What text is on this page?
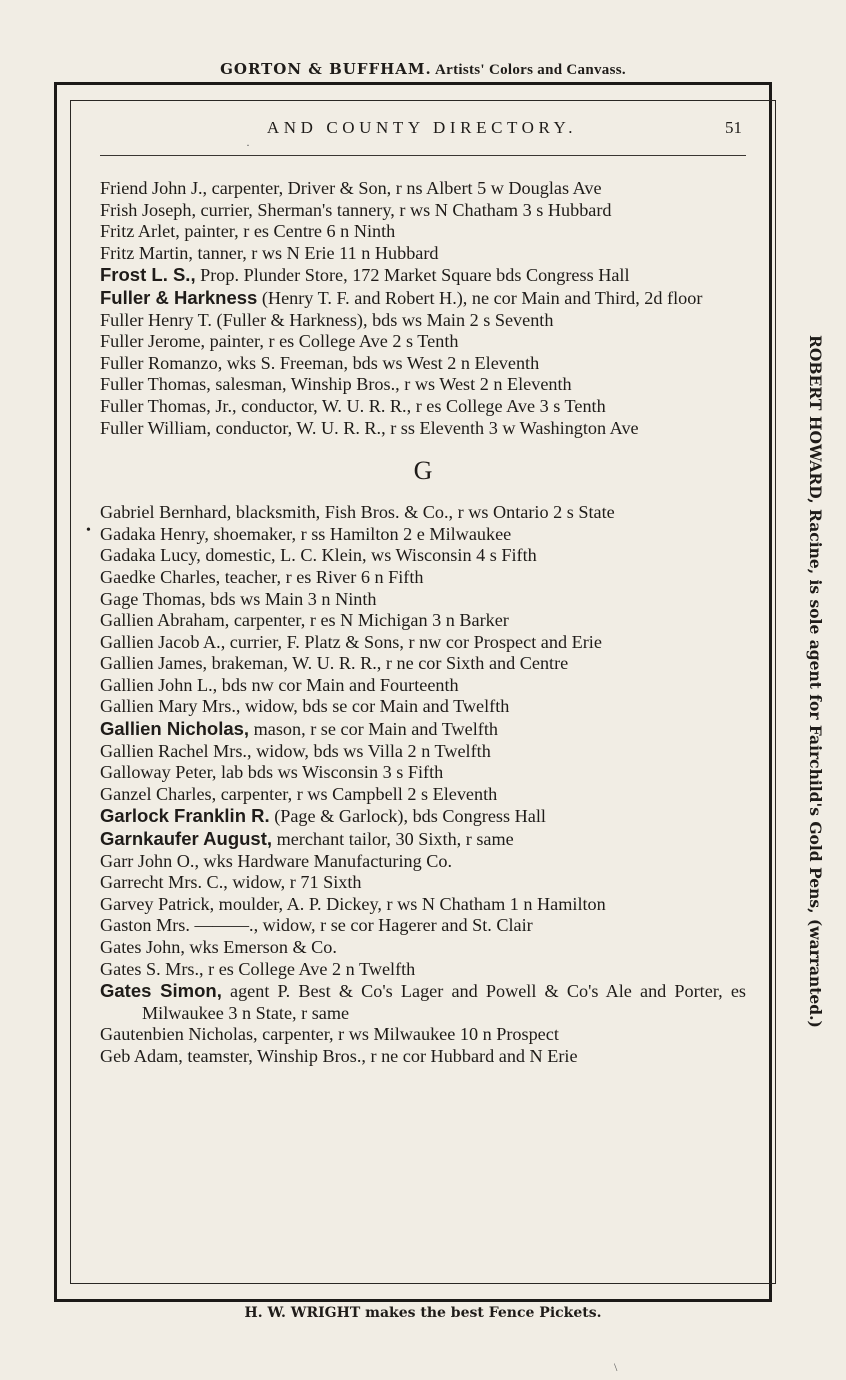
GORTON & BUFFHAM. Artists' Colors and Canvass.
AND COUNTY DIRECTORY.	51
ROBERT HOWARD, Racine, is sole agent for Fairchild's Gold Pens, (warranted.)
•
Friend John J., carpenter, Driver & Son, r ns Albert 5 w Douglas Ave
Frish Joseph, currier, Sherman's tannery, r ws N Chatham 3 s Hubbard
Fritz Arlet, painter, r es Centre 6 n Ninth
Fritz Martin, tanner, r ws N Erie 11 n Hubbard
Frost L. S., Prop. Plunder Store, 172 Market Square bds Congress Hall
Fuller & Harkness (Henry T. F. and Robert H.), ne cor Main and Third, 2d floor
Fuller Henry T. (Fuller & Harkness), bds ws Main 2 s Seventh
Fuller Jerome, painter, r es College Ave 2 s Tenth
Fuller Romanzo, wks S. Freeman, bds ws West 2 n Eleventh
Fuller Thomas, salesman, Winship Bros., r ws West 2 n Eleventh
Fuller Thomas, Jr., conductor, W. U. R. R., r es College Ave 3 s Tenth
Fuller William, conductor, W. U. R. R., r ss Eleventh 3 w Washington Ave
G
Gabriel Bernhard, blacksmith, Fish Bros. & Co., r ws Ontario 2 s State
Gadaka Henry, shoemaker, r ss Hamilton 2 e Milwaukee
Gadaka Lucy, domestic, L. C. Klein, ws Wisconsin 4 s Fifth
Gaedke Charles, teacher, r es River 6 n Fifth
Gage Thomas, bds ws Main 3 n Ninth
Gallien Abraham, carpenter, r es N Michigan 3 n Barker
Gallien Jacob A., currier, F. Platz & Sons, r nw cor Prospect and Erie
Gallien James, brakeman, W. U. R. R., r ne cor Sixth and Centre
Gallien John L., bds nw cor Main and Fourteenth
Gallien Mary Mrs., widow, bds se cor Main and Twelfth
Gallien Nicholas, mason, r se cor Main and Twelfth
Gallien Rachel Mrs., widow, bds ws Villa 2 n Twelfth
Galloway Peter, lab bds ws Wisconsin 3 s Fifth
Ganzel Charles, carpenter, r ws Campbell 2 s Eleventh
Garlock Franklin R. (Page & Garlock), bds Congress Hall
Garnkaufer August, merchant tailor, 30 Sixth, r same
Garr John O., wks Hardware Manufacturing Co.
Garrecht Mrs. C., widow, r 71 Sixth
Garvey Patrick, moulder, A. P. Dickey, r ws N Chatham 1 n Hamilton
Gaston Mrs. ———., widow, r se cor Hagerer and St. Clair
Gates John, wks Emerson & Co.
Gates S. Mrs., r es College Ave 2 n Twelfth
Gates Simon, agent P. Best & Co's Lager and Powell & Co's Ale and Porter, es Milwaukee 3 n State, r same
Gautenbien Nicholas, carpenter, r ws Milwaukee 10 n Prospect
Geb Adam, teamster, Winship Bros., r ne cor Hubbard and N Erie
H. W. WRIGHT makes the best Fence Pickets.
·
\
